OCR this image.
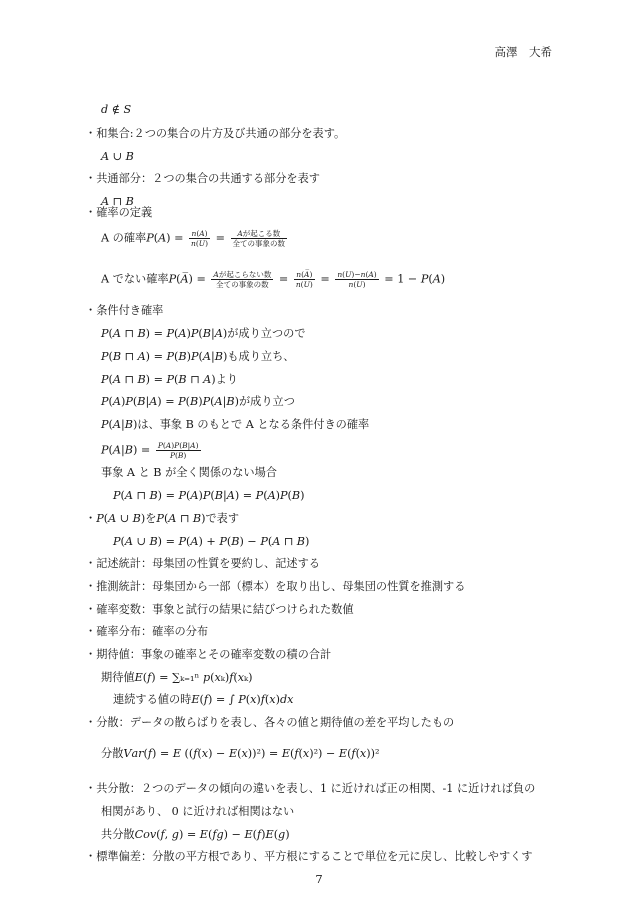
高澤　大希
𝑑 ∉ 𝑆
・和集合:２つの集合の片方及び共通の部分を表す。
𝐴 ∪ 𝐵
・共通部分：２つの集合の共通する部分を表す
𝐴 ⊓ 𝐵
・確率の定義
A の確率𝑃(𝐴) = $\frac{\text{𝑛(𝐴)}}{\text{𝑛(𝑈)}} = \frac{\text{𝐴が起こる数}}{\text{全ての事象の数}}$
A でない確率𝑃(𝐴̅) = $\frac{\text{𝐴が起こらない数}}{\text{全ての事象の数}} = \frac{\text{𝑛(𝐴̅)}}{\text{𝑛(𝑈)}} = \frac{\text{𝑛(𝑈)−𝑛(𝐴)}}{\text{𝑛(𝑈)}} = 1$ − 𝑃(𝐴)
・条件付き確率
𝑃(𝐴 ⊓ 𝐵) = 𝑃(𝐴)𝑃(𝐵|𝐴)が成り立つので
𝑃(𝐵 ⊓ 𝐴) = 𝑃(𝐵)𝑃(𝐴|𝐵)も成り立ち、
𝑃(𝐴 ⊓ 𝐵) = 𝑃(𝐵 ⊓ 𝐴)より
𝑃(𝐴)𝑃(𝐵|𝐴) = 𝑃(𝐵)𝑃(𝐴|𝐵)が成り立つ
𝑃(𝐴|𝐵)は、事象 B のもとで A となる条件付きの確率
𝑃(𝐴|𝐵) = $\frac{\text{𝑃(𝐴)𝑃(𝐵|𝐴)}}{\text{𝑃(𝐵)}}$
事象 A と B が全く関係のない場合
𝑃(𝐴 ⊓ 𝐵) = 𝑃(𝐴)𝑃(𝐵|𝐴) = 𝑃(𝐴)𝑃(𝐵)
・𝑃(𝐴 ∪ 𝐵)を𝑃(𝐴 ⊓ 𝐵)で表す
𝑃(𝐴 ∪ 𝐵) = 𝑃(𝐴) + 𝑃(𝐵) − 𝑃(𝐴 ⊓ 𝐵)
・記述統計：母集団の性質を要約し、記述する
・推測統計：母集団から一部（標本）を取り出し、母集団の性質を推測する
・確率変数：事象と試行の結果に結びつけられた数値
・確率分布：確率の分布
・期待値：事象の確率とその確率変数の積の合計
期待値𝐸(𝑓) = ∑ₖ₌₁ⁿ 𝑝(𝑥ₖ)𝑓(𝑥ₖ)
連続する値の時𝐸(𝑓) = ∫ 𝑃(𝑥)𝑓(𝑥)𝑑𝑥
・分散：データの散らばりを表し、各々の値と期待値の差を平均したもの
分散𝑉𝑎𝑟(𝑓) = 𝐸 ((𝑓(𝑥) − 𝐸(𝑥))²) = 𝐸(𝑓(𝑥)²) − 𝐸(𝑓(𝑥))²
・共分散：２つのデータの傾向の違いを表し、1 に近ければ正の相関、-1 に近ければ負の
相関があり、 0 に近ければ相関はない
共分散𝐶𝑜𝑣(𝑓, 𝑔) = 𝐸(𝑓𝑔) − 𝐸(𝑓)𝐸(𝑔)
・標準偏差：分散の平方根であり、平方根にすることで単位を元に戻し、比較しやすくす
7
